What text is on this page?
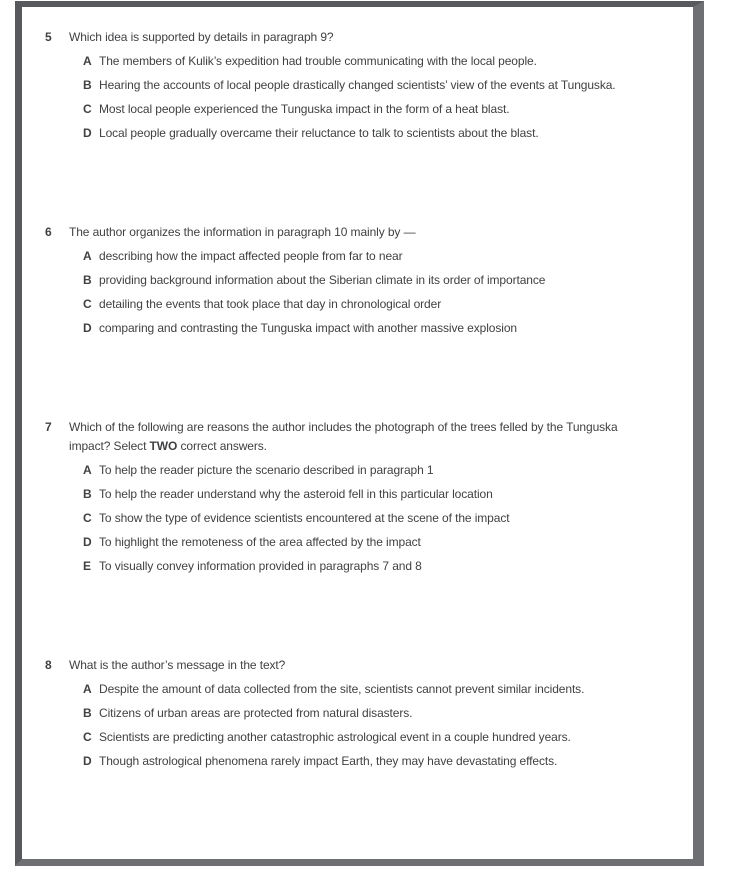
5	Which idea is supported by details in paragraph 9?
A The members of Kulik’s expedition had trouble communicating with the local people.
B Hearing the accounts of local people drastically changed scientists’ view of the events at Tunguska.
C Most local people experienced the Tunguska impact in the form of a heat blast.
D Local people gradually overcame their reluctance to talk to scientists about the blast.
6	The author organizes the information in paragraph 10 mainly by —
A describing how the impact affected people from far to near
B providing background information about the Siberian climate in its order of importance
C detailing the events that took place that day in chronological order
D comparing and contrasting the Tunguska impact with another massive explosion
7	Which of the following are reasons the author includes the photograph of the trees felled by the Tunguska impact? Select TWO correct answers.
A To help the reader picture the scenario described in paragraph 1
B To help the reader understand why the asteroid fell in this particular location
C To show the type of evidence scientists encountered at the scene of the impact
D To highlight the remoteness of the area affected by the impact
E To visually convey information provided in paragraphs 7 and 8
8	What is the author’s message in the text?
A Despite the amount of data collected from the site, scientists cannot prevent similar incidents.
B Citizens of urban areas are protected from natural disasters.
C Scientists are predicting another catastrophic astrological event in a couple hundred years.
D Though astrological phenomena rarely impact Earth, they may have devastating effects.
